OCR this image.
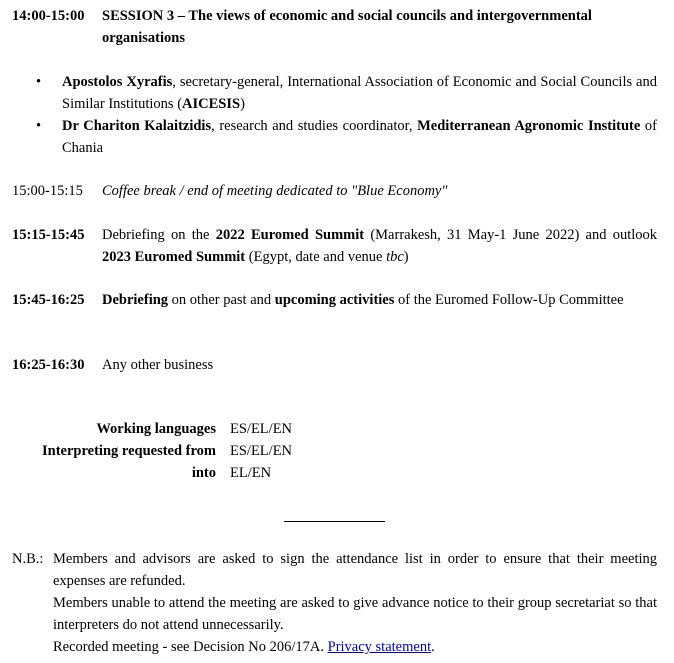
14:00-15:00	SESSION 3 – The views of economic and social councils and intergovernmental organisations
•	Apostolos Xyrafis, secretary-general, International Association of Economic and Social Councils and Similar Institutions (AICESIS)
•	Dr Chariton Kalaitzidis, research and studies coordinator, Mediterranean Agronomic Institute of Chania
15:00-15:15	Coffee break / end of meeting dedicated to "Blue Economy"
15:15-15:45	Debriefing on the 2022 Euromed Summit (Marrakesh, 31 May-1 June 2022) and outlook 2023 Euromed Summit (Egypt, date and venue tbc)
15:45-16:25	Debriefing on other past and upcoming activities of the Euromed Follow-Up Committee
16:25-16:30	Any other business
Working languages ES/EL/EN
Interpreting requested from ES/EL/EN
into EL/EN
N.B.: Members and advisors are asked to sign the attendance list in order to ensure that their meeting expenses are refunded.
Members unable to attend the meeting are asked to give advance notice to their group secretariat so that interpreters do not attend unnecessarily.
Recorded meeting - see Decision No 206/17A. Privacy statement.
